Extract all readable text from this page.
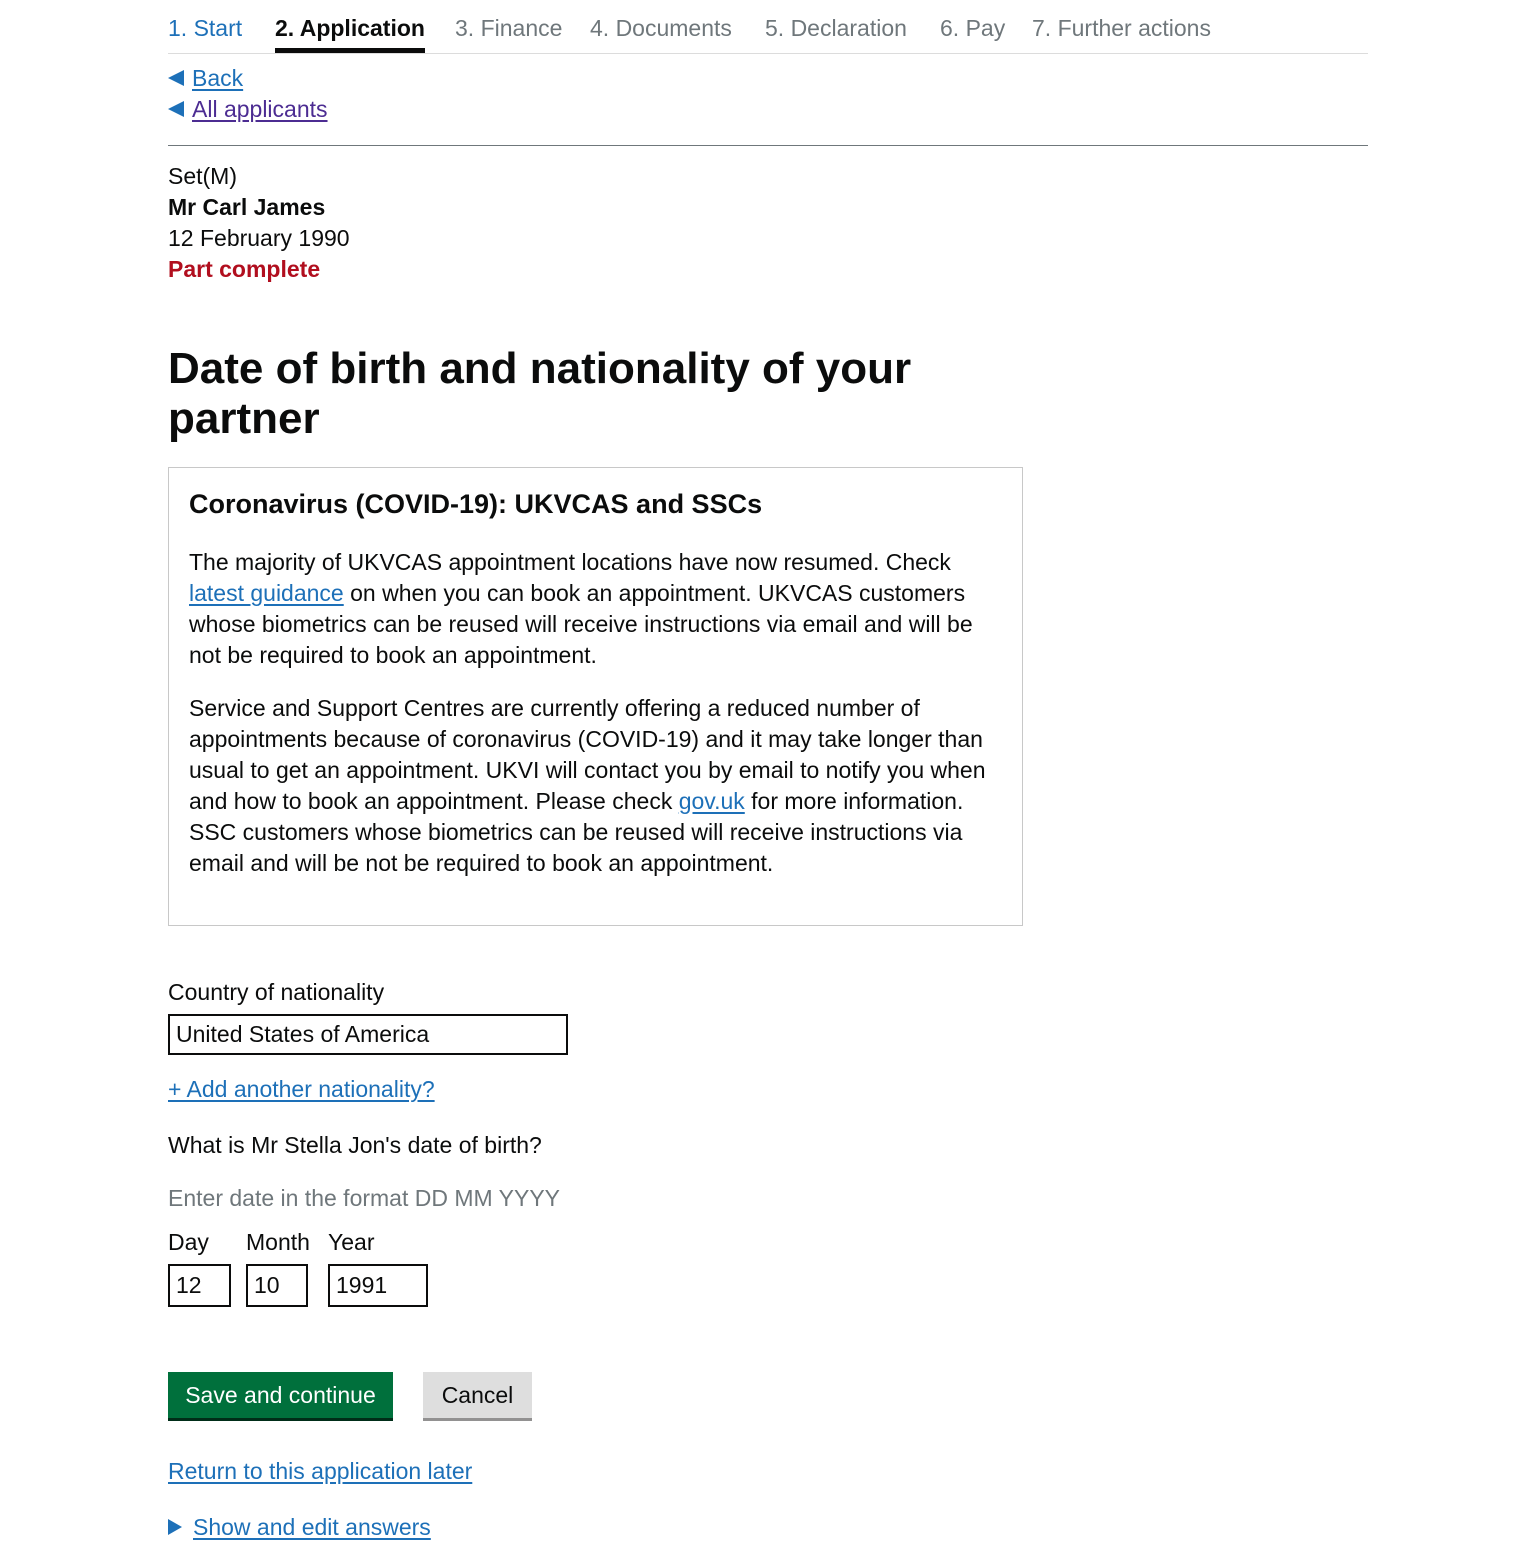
1. Start 2. Application 3. Finance 4. Documents 5. Declaration 6. Pay 7. Further actions
Back
All applicants
Set(M)
Mr Carl James
12 February 1990
Part complete
Date of birth and nationality of your partner
Coronavirus (COVID-19): UKVCAS and SSCs

The majority of UKVCAS appointment locations have now resumed. Check latest guidance on when you can book an appointment. UKVCAS customers whose biometrics can be reused will receive instructions via email and will be not be required to book an appointment.

Service and Support Centres are currently offering a reduced number of appointments because of coronavirus (COVID-19) and it may take longer than usual to get an appointment. UKVI will contact you by email to notify you when and how to book an appointment. Please check gov.uk for more information. SSC customers whose biometrics can be reused will receive instructions via email and will be not be required to book an appointment.

Country of nationality
United States of America
+ Add another nationality?
What is Mr Stella Jon's date of birth?
Enter date in the format DD MM YYYY
Day Month Year
12
10
1991
Save and continue	Cancel
Return to this application later
Show and edit answers
